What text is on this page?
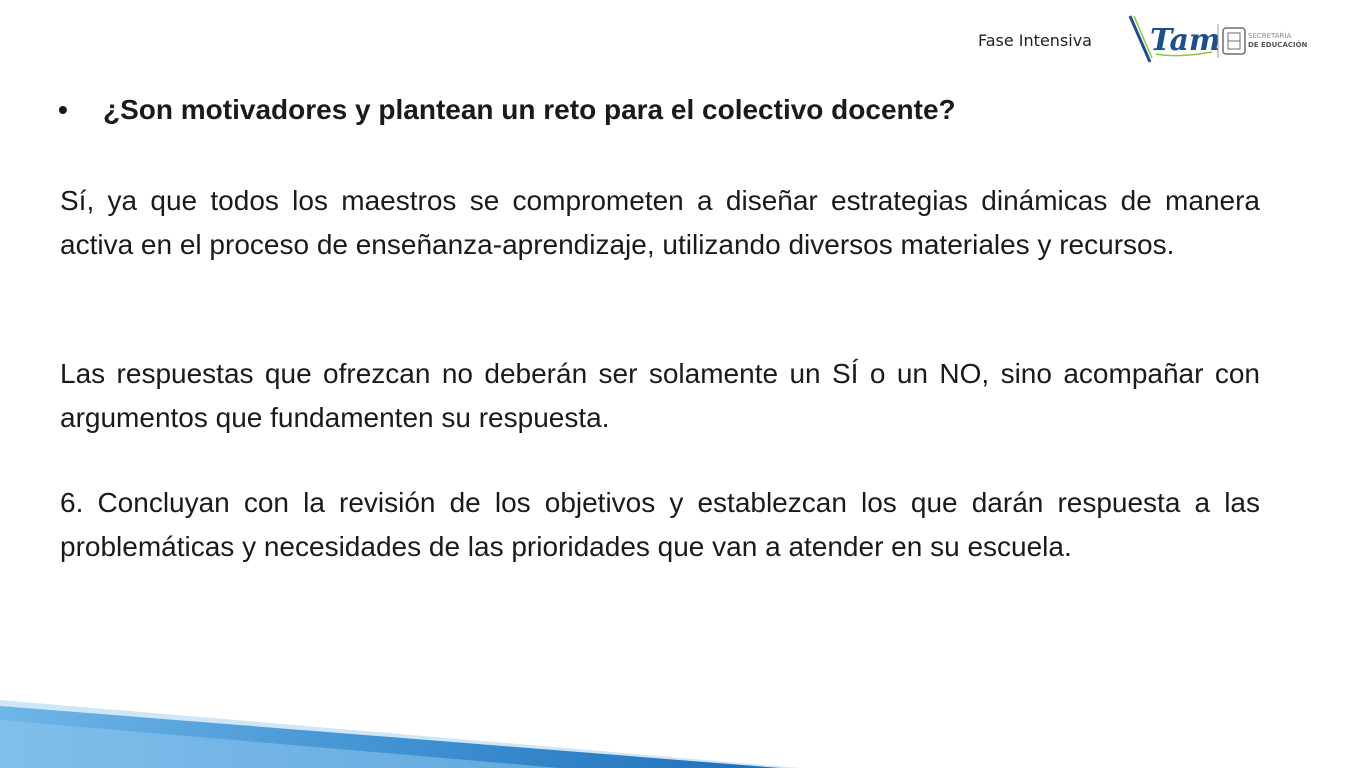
Fase Intensiva Tam	SECRETARÍA
DE EDUCACIÓN
• ¿Son motivadores y plantean un reto para el colectivo docente?
Sí, ya que todos los maestros se comprometen a diseñar estrategias dinámicas de manera activa en el proceso de enseñanza-aprendizaje, utilizando diversos materiales y recursos.
Las respuestas que ofrezcan no deberán ser solamente un SÍ o un NO, sino acompañar con argumentos que fundamenten su respuesta.
6. Concluyan con la revisión de los objetivos y establezcan los que darán respuesta a las problemáticas y necesidades de las prioridades que van a atender en su escuela.
